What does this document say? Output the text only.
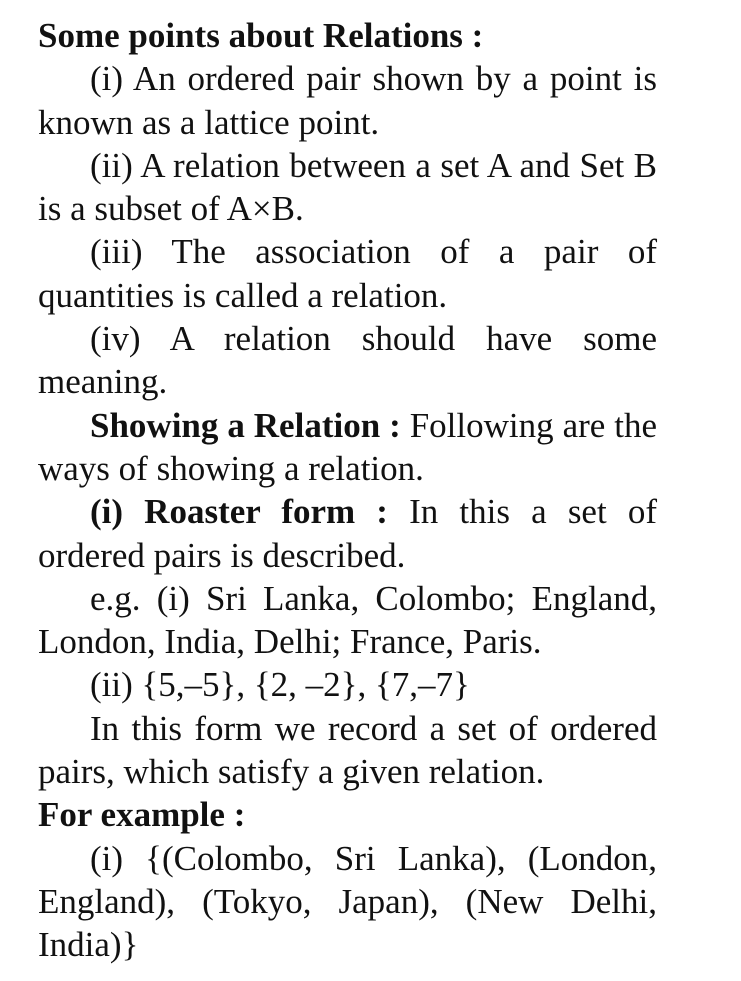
Some points about Relations :

(i) An ordered pair shown by a point is known as a lattice point.

(ii) A relation between a set A and Set B is a subset of A×B.

(iii) The association of a pair of quantities is called a relation.

(iv) A relation should have some meaning.

Showing a Relation : Following are the ways of showing a relation.

(i) Roaster form : In this a set of ordered pairs is described.

e.g. (i) Sri Lanka, Colombo; England, London, India, Delhi; France, Paris.

(ii) {5,–5}, {2, –2}, {7,–7}

In this form we record a set of ordered pairs, which satisfy a given relation.

For example :

(i) {(Colombo, Sri Lanka), (London, England), (Tokyo, Japan), (New Delhi, India)}
